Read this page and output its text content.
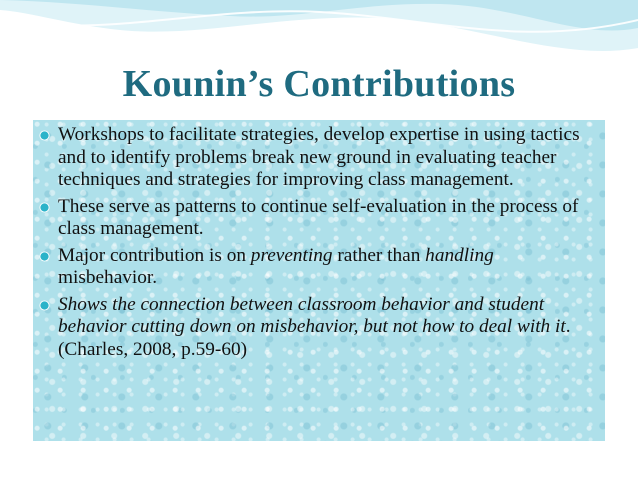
Kounin’s Contributions
Workshops to facilitate strategies, develop expertise in using tactics and to identify problems break new ground in evaluating teacher techniques and strategies for improving class management.
These serve as patterns to continue self-evaluation in the process of class management.
Major contribution is on preventing rather than handling misbehavior.
Shows the connection between classroom behavior and student behavior cutting down on misbehavior, but not how to deal with it. (Charles, 2008, p.59-60)
